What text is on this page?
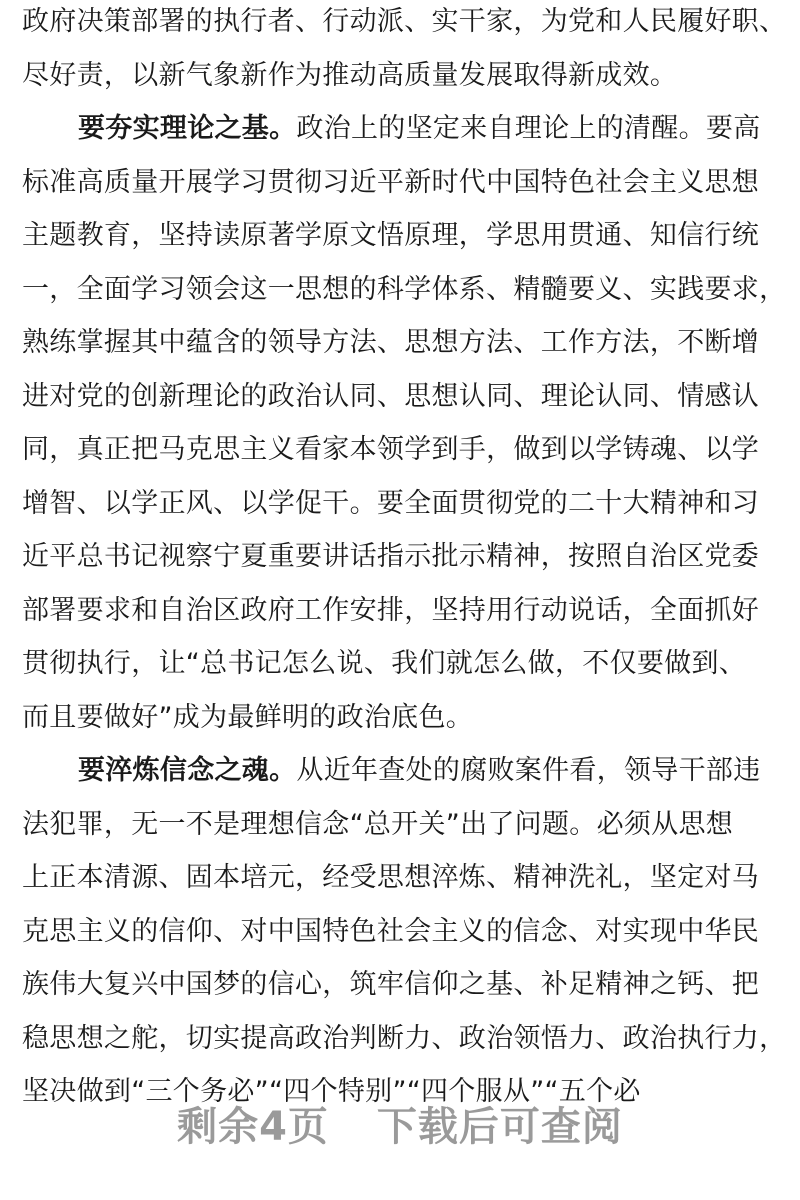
政府决策部署的执行者、行动派、实干家，为党和人民履好职、
尽好责，以新气象新作为推动高质量发展取得新成效。
要夯实理论之基。政治上的坚定来自理论上的清醒。要高
标准高质量开展学习贯彻习近平新时代中国特色社会主义思想
主题教育，坚持读原著学原文悟原理，学思用贯通、知信行统
一，全面学习领会这一思想的科学体系、精髓要义、实践要求，
熟练掌握其中蕴含的领导方法、思想方法、工作方法，不断增
进对党的创新理论的政治认同、思想认同、理论认同、情感认
同，真正把马克思主义看家本领学到手，做到以学铸魂、以学
增智、以学正风、以学促干。要全面贯彻党的二十大精神和习
近平总书记视察宁夏重要讲话指示批示精神，按照自治区党委
部署要求和自治区政府工作安排，坚持用行动说话，全面抓好
贯彻执行，让“总书记怎么说、我们就怎么做，不仅要做到、
而且要做好”成为最鲜明的政治底色。
要淬炼信念之魂。从近年查处的腐败案件看，领导干部违
法犯罪，无一不是理想信念“总开关”出了问题。必须从思想
上正本清源、固本培元，经受思想淬炼、精神洗礼，坚定对马
克思主义的信仰、对中国特色社会主义的信念、对实现中华民
族伟大复兴中国梦的信心，筑牢信仰之基、补足精神之钙、把
稳思想之舵，切实提高政治判断力、政治领悟力、政治执行力，
坚决做到“三个务必”“四个特别”“四个服从”“五个必
剩余4页 下载后可查阅
